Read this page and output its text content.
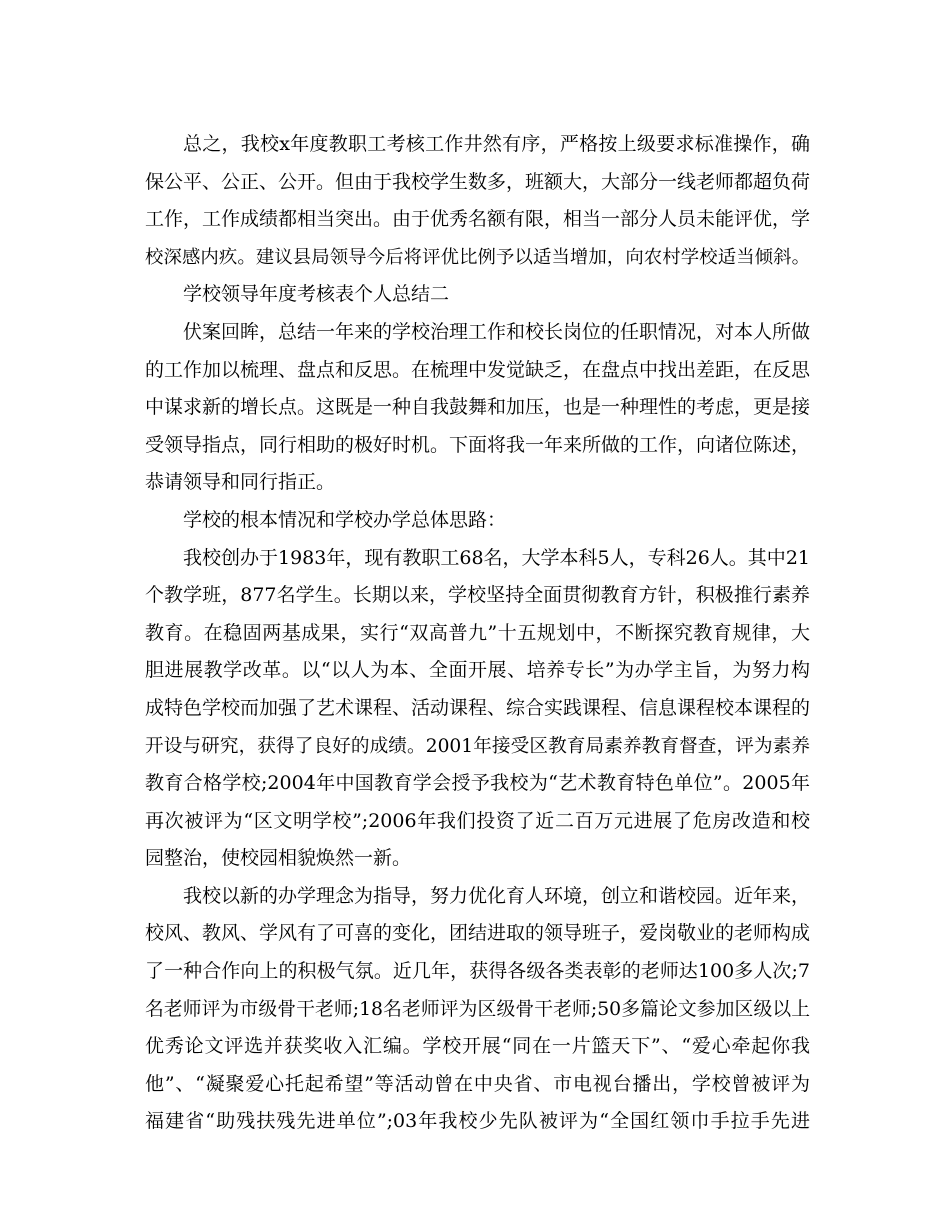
总之，我校x年度教职工考核工作井然有序，严格按上级要求标准操作，确
保公平、公正、公开。但由于我校学生数多，班额大，大部分一线老师都超负荷
工作，工作成绩都相当突出。由于优秀名额有限，相当一部分人员未能评优，学
校深感内疚。建议县局领导今后将评优比例予以适当增加，向农村学校适当倾斜。
学校领导年度考核表个人总结二
伏案回眸，总结一年来的学校治理工作和校长岗位的任职情况，对本人所做
的工作加以梳理、盘点和反思。在梳理中发觉缺乏，在盘点中找出差距，在反思
中谋求新的增长点。这既是一种自我鼓舞和加压，也是一种理性的考虑，更是接
受领导指点，同行相助的极好时机。下面将我一年来所做的工作，向诸位陈述，
恭请领导和同行指正。
学校的根本情况和学校办学总体思路：
我校创办于1983年，现有教职工68名，大学本科5人，专科26人。其中21
个教学班，877名学生。长期以来，学校坚持全面贯彻教育方针，积极推行素养
教育。在稳固两基成果，实行“双高普九”十五规划中，不断探究教育规律，大
胆进展教学改革。以“以人为本、全面开展、培养专长”为办学主旨，为努力构
成特色学校而加强了艺术课程、活动课程、综合实践课程、信息课程校本课程的
开设与研究，获得了良好的成绩。2001年接受区教育局素养教育督查，评为素养
教育合格学校;2004年中国教育学会授予我校为“艺术教育特色单位”。2005年
再次被评为“区文明学校”;2006年我们投资了近二百万元进展了危房改造和校
园整治，使校园相貌焕然一新。
我校以新的办学理念为指导，努力优化育人环境，创立和谐校园。近年来，
校风、教风、学风有了可喜的变化，团结进取的领导班子，爱岗敬业的老师构成
了一种合作向上的积极气氛。近几年，获得各级各类表彰的老师达100多人次;7
名老师评为市级骨干老师;18名老师评为区级骨干老师;50多篇论文参加区级以上
优秀论文评选并获奖收入汇编。学校开展“同在一片篮天下”、“爱心牵起你我
他”、“凝聚爱心托起希望”等活动曾在中央省、市电视台播出，学校曾被评为
福建省“助残扶残先进单位”;03年我校少先队被评为“全国红领巾手拉手先进
